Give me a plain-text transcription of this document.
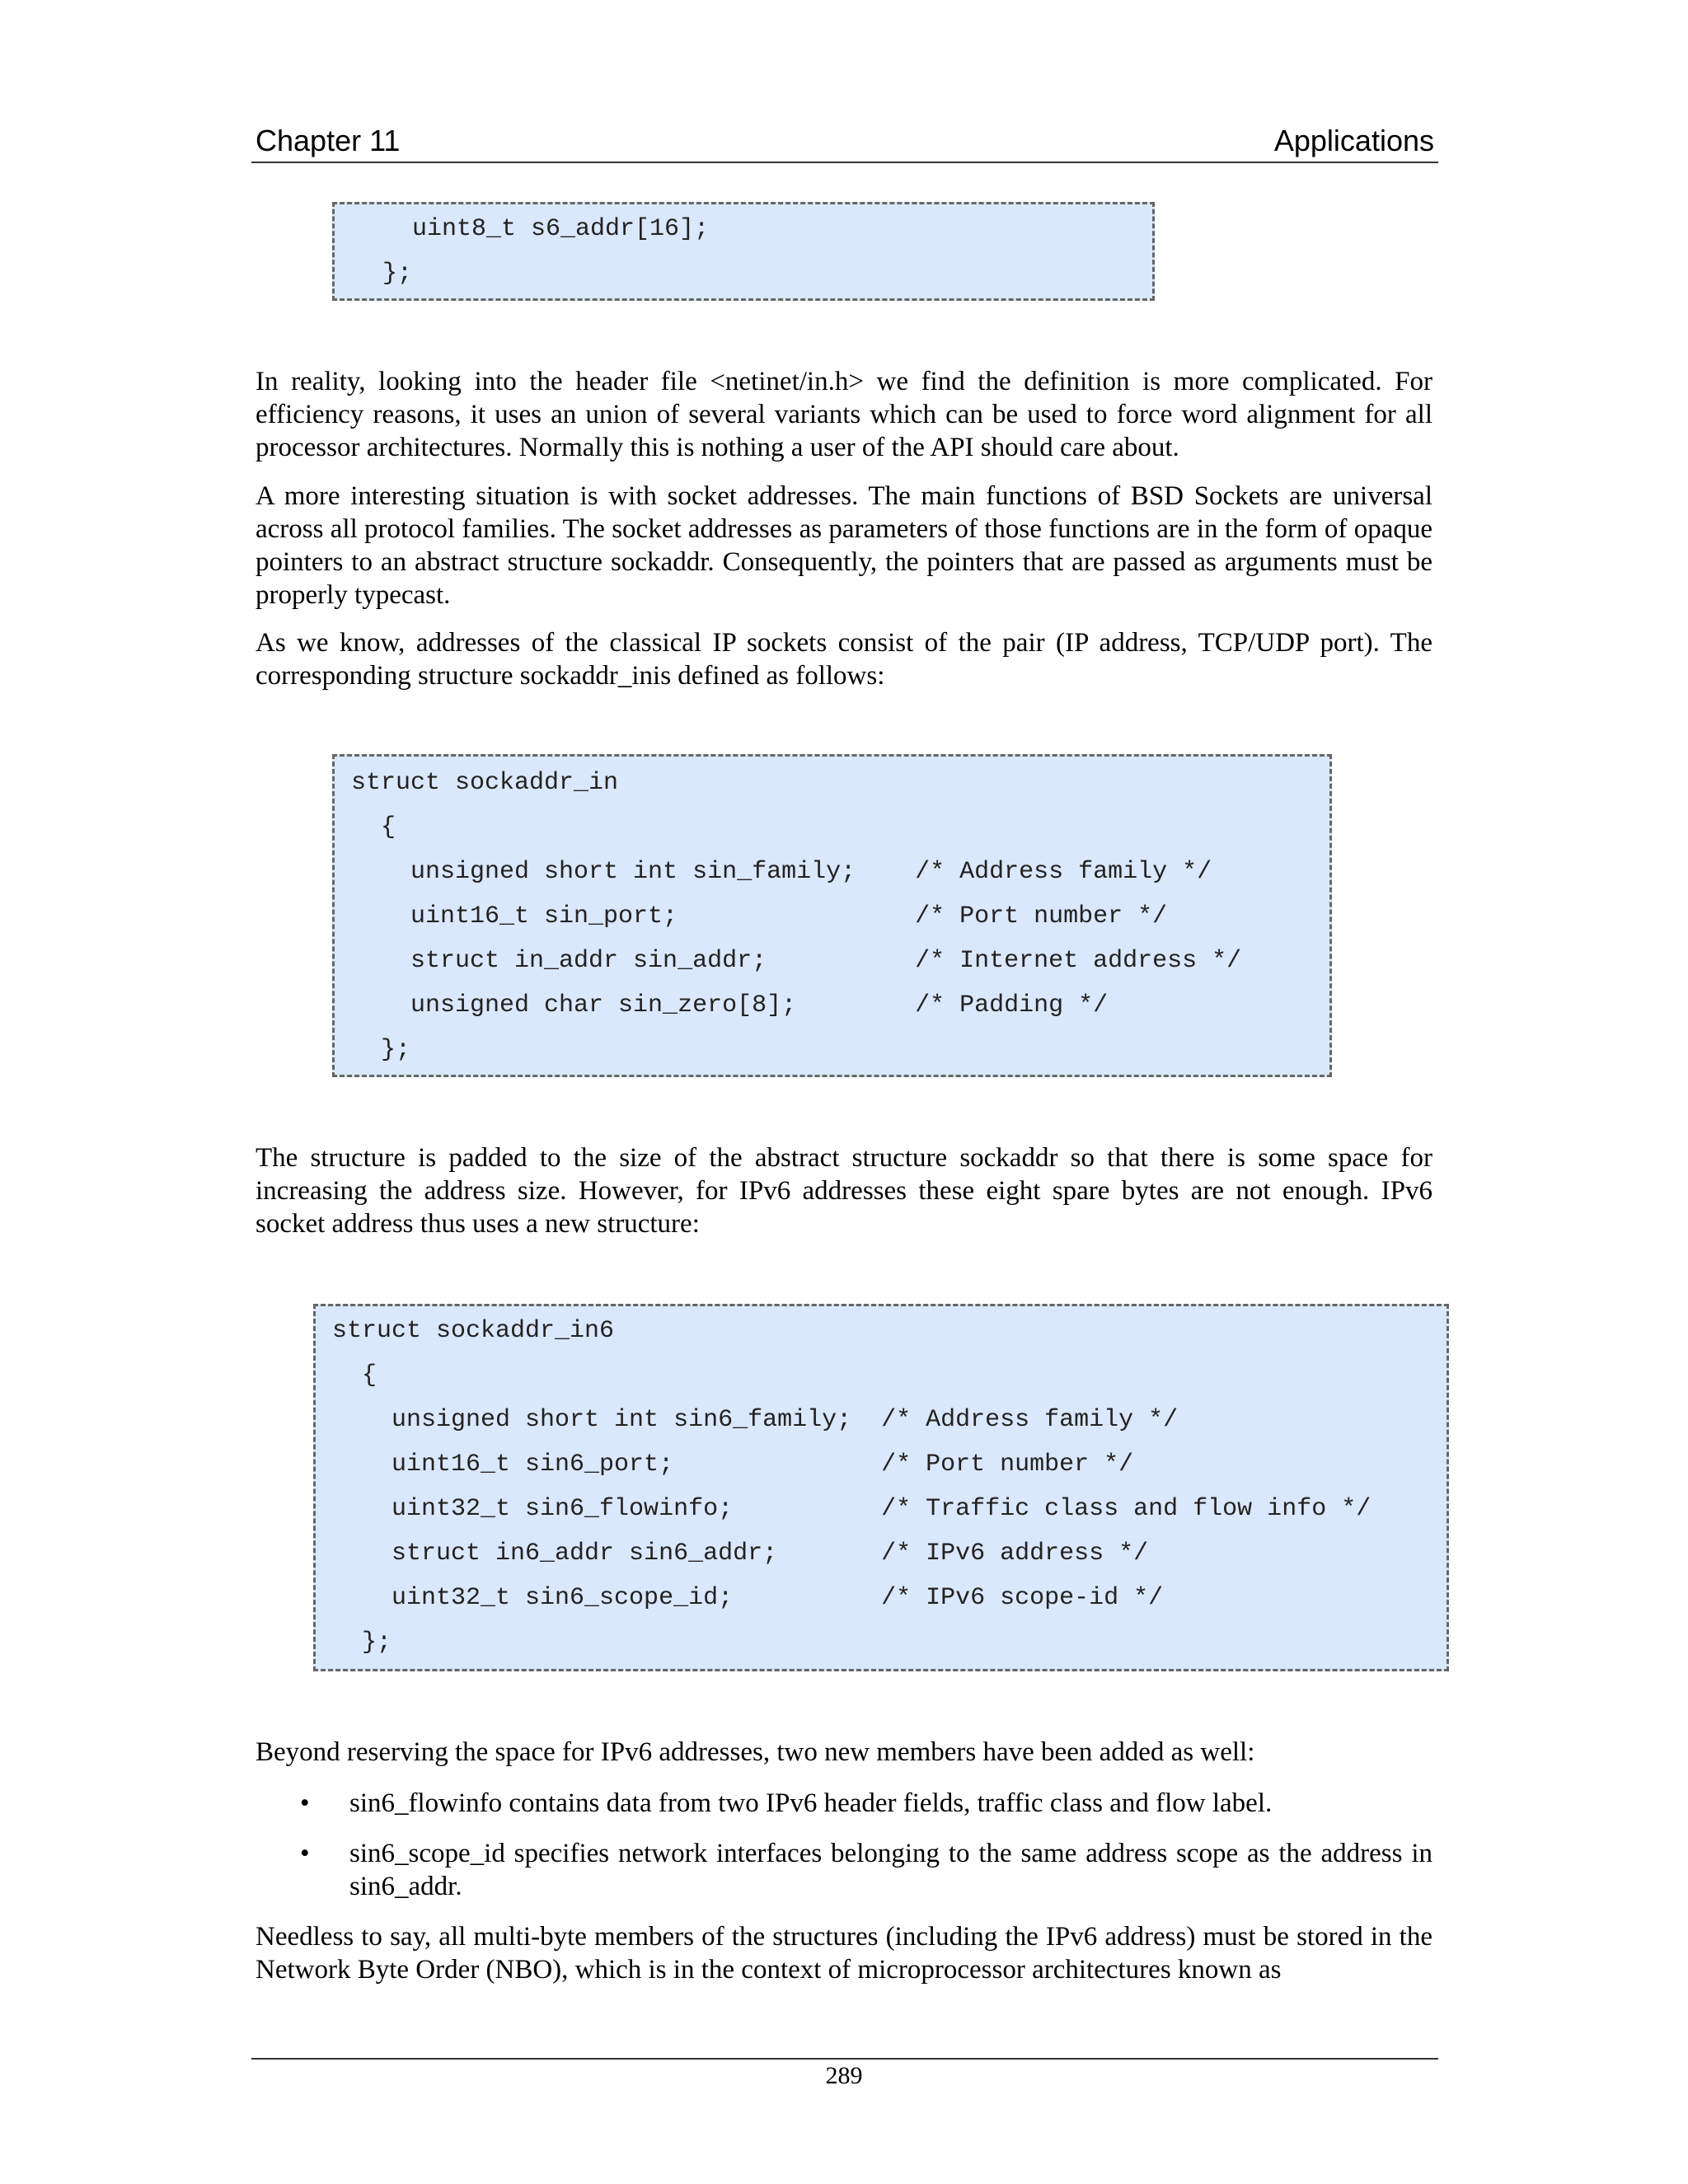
Chapter 11	Applications
uint8_t s6_addr[16];
};

In reality, looking into the header file <netinet/in.h> we find the definition is more complicated. For efficiency reasons, it uses an union of several variants which can be used to force word alignment for all processor architectures. Normally this is nothing a user of the API should care about.

A more interesting situation is with socket addresses. The main functions of BSD Sockets are universal across all protocol families. The socket addresses as parameters of those functions are in the form of opaque pointers to an abstract structure sockaddr. Consequently, the pointers that are passed as arguments must be properly typecast.

As we know, addresses of the classical IP sockets consist of the pair (IP address, TCP/UDP port). The corresponding structure sockaddr_inis defined as follows:

struct sockaddr_in
{
unsigned short int sin_family;    /* Address family */
uint16_t sin_port;                /* Port number */
struct in_addr sin_addr;          /* Internet address */
unsigned char sin_zero[8];        /* Padding */
};

The structure is padded to the size of the abstract structure sockaddr so that there is some space for increasing the address size. However, for IPv6 addresses these eight spare bytes are not enough. IPv6 socket address thus uses a new structure:

struct sockaddr_in6
{
unsigned short int sin6_family;  /* Address family */
uint16_t sin6_port;              /* Port number */
uint32_t sin6_flowinfo;          /* Traffic class and flow info */
struct in6_addr sin6_addr;       /* IPv6 address */
uint32_t sin6_scope_id;          /* IPv6 scope-id */
};

Beyond reserving the space for IPv6 addresses, two new members have been added as well:

• sin6_flowinfo contains data from two IPv6 header fields, traffic class and flow label.
• sin6_scope_id specifies network interfaces belonging to the same address scope as the address in sin6_addr.

Needless to say, all multi-byte members of the structures (including the IPv6 address) must be stored in the Network Byte Order (NBO), which is in the context of microprocessor architectures known as

289
